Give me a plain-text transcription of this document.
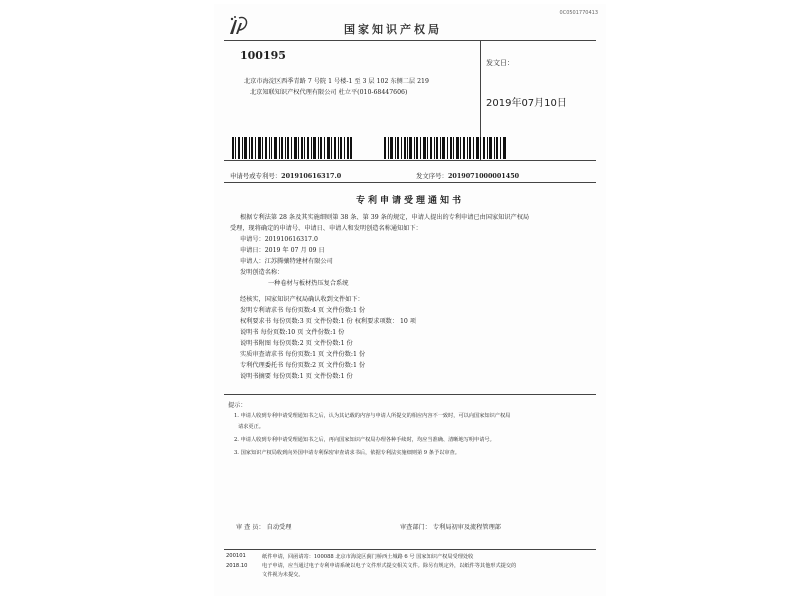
0C0501770413
国家知识产权局
100195
北京市海淀区西季青路 7 号院 1 号楼-1 至 3 层 102 东侧二层 219
北京知联知识产权代理有限公司 杜立平(010-68447606)
发文日：
2019年07月10日
申请号或专利号：201910616317.0	发文序号：2019071000001450
专利申请受理通知书
根据专利法第 28 条及其实施细则第 38 条、第 39 条的规定，申请人提出的专利申请已由国家知识产权局
受理，现将确定的申请号、申请日、申请人和发明创造名称通知如下：
申请号：201910616317.0
申请日：2019 年 07 月 09 日
申请人：江苏腾骧特建材有限公司
发明创造名称：
一种卷材与板材热压复合系统
经核实，国家知识产权局确认收到文件如下：
发明专利请求书 每份页数:4 页 文件份数:1 份
权利要求书 每份页数:3 页 文件份数:1 份 权利要求项数： 10 项
说明书 每份页数:10 页 文件份数:1 份
说明书附图 每份页数:2 页 文件份数:1 份
实质审查请求书 每份页数:1 页 文件份数:1 份
专利代理委托书 每份页数:2 页 文件份数:1 份
说明书摘要 每份页数:1 页 文件份数:1 份
提示：
1. 申请人收到专利申请受理通知书之后，认为其记载的内容与申请人所提交的相应内容不一致时，可以向国家知识产权局
请求更正。
2. 申请人收到专利申请受理通知书之后，再向国家知识产权局办理各种手续时，均应当准确、清晰地写明申请号。
3. 国家知识产权局收到向外国申请专利保密审查请求书后，依据专利法实施细则第 9 条予以审查。
审 查 员： 自动受理	审查部门： 专利局初审及流程管理部
200101
2018.10
纸件申请，回函请寄：100088 北京市海淀区蓟门桥西土城路 6 号 国家知识产权局受理处收
电子申请，应当通过电子专利申请系统以电子文件形式提交相关文件。除另有规定外，以纸件等其他形式提交的
文件视为未提交。
